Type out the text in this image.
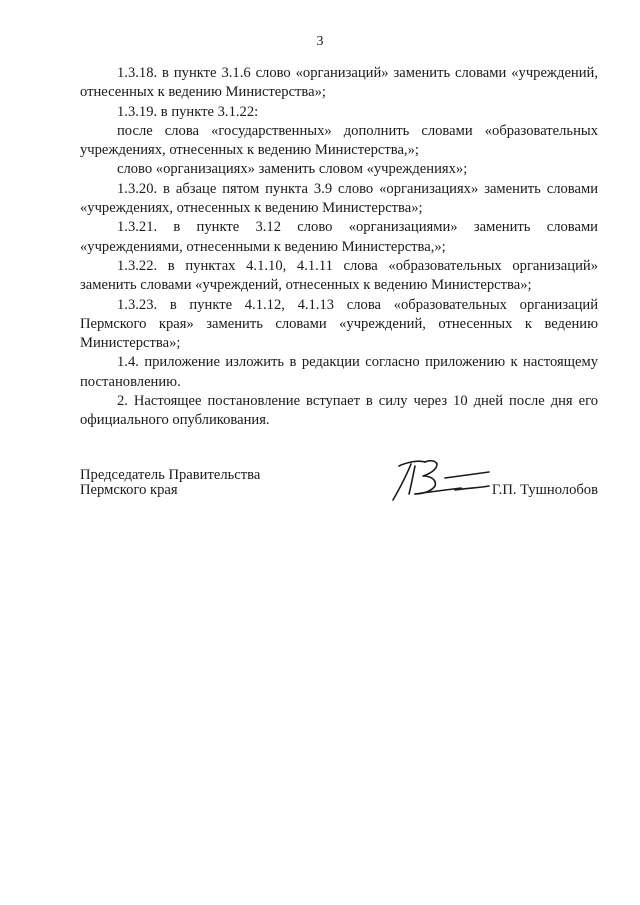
3

1.3.18. в пункте 3.1.6 слово «организаций» заменить словами «учреждений, отнесенных к ведению Министерства»;

1.3.19. в пункте 3.1.22:

после слова «государственных» дополнить словами «образовательных учреждениях, отнесенных к ведению Министерства,»;

слово «организациях» заменить словом «учреждениях»;

1.3.20. в абзаце пятом пункта 3.9 слово «организациях» заменить словами «учреждениях, отнесенных к ведению Министерства»;

1.3.21. в пункте 3.12 слово «организациями» заменить словами «учреждениями, отнесенными к ведению Министерства,»;

1.3.22. в пунктах 4.1.10, 4.1.11 слова «образовательных организаций» заменить словами «учреждений, отнесенных к ведению Министерства»;

1.3.23. в пункте 4.1.12, 4.1.13 слова «образовательных организаций Пермского края» заменить словами «учреждений, отнесенных к ведению Министерства»;

1.4. приложение изложить в редакции согласно приложению к настоящему постановлению.

2. Настоящее постановление вступает в силу через 10 дней после дня его официального опубликования.

Председатель Правительства
Пермского края	Г.П. Тушнолобов
